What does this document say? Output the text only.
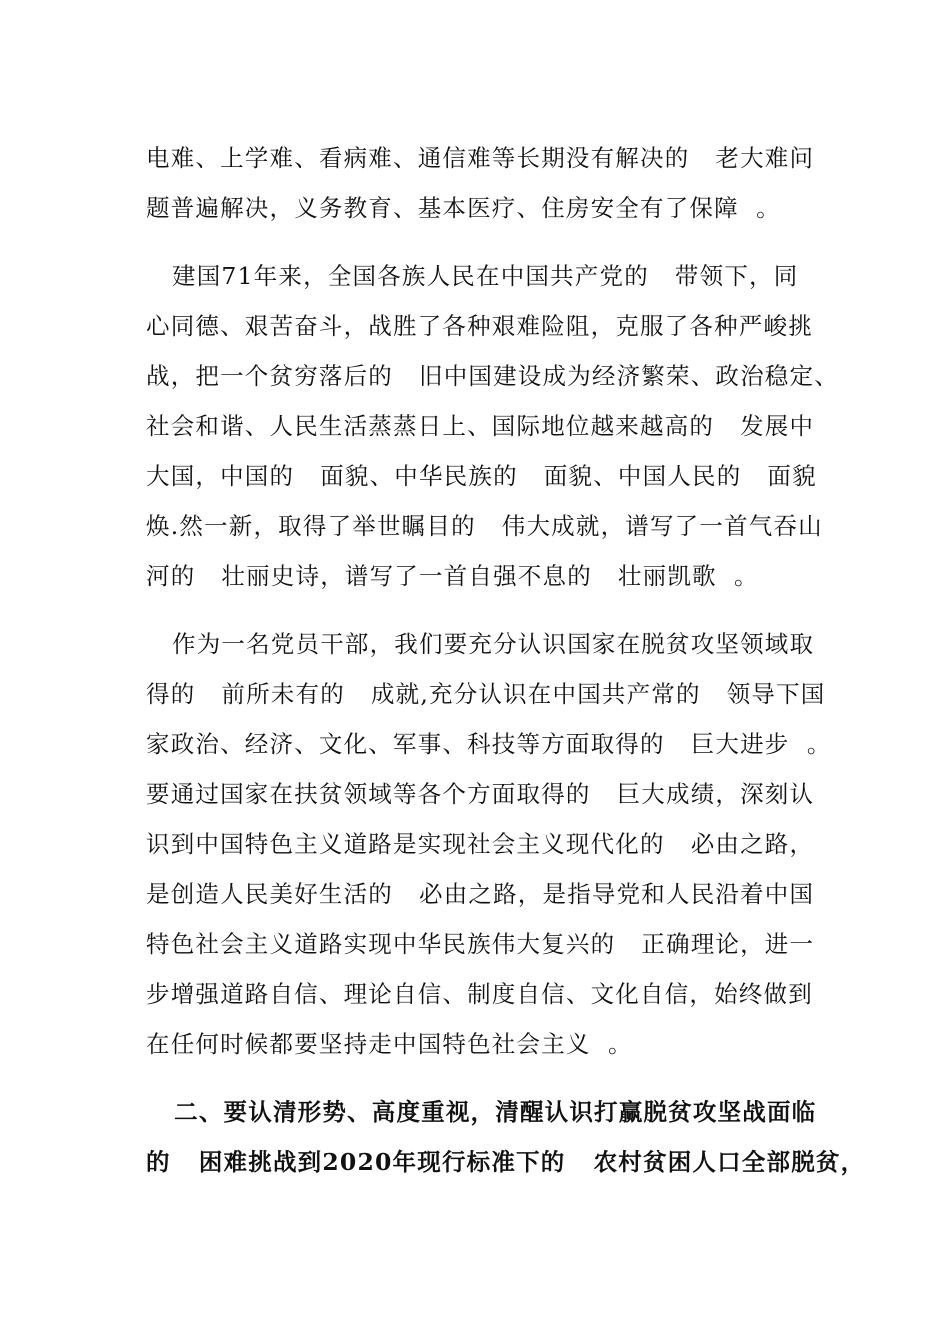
电难、上学难、看病难、通信难等长期没有解决的   老大难问
题普遍解决，义务教育、基本医疗、住房安全有了保障  。
建国71年来，全国各族人民在中国共产党的   带领下，同
心同德、艰苦奋斗，战胜了各种艰难险阻，克服了各种严峻挑
战，把一个贫穷落后的   旧中国建设成为经济繁荣、政治稳定、
社会和谐、人民生活蒸蒸日上、国际地位越来越高的   发展中
大国，中国的   面貌、中华民族的   面貌、中国人民的   面貌
焕.然一新，取得了举世瞩目的   伟大成就，谱写了一首气吞山
河的   壮丽史诗，谱写了一首自强不息的   壮丽凯歌  。
作为一名党员干部，我们要充分认识国家在脱贫攻坚领域取
得的   前所未有的   成就,充分认识在中国共产常的   领导下国
家政治、经济、文化、军事、科技等方面取得的   巨大进步  。
要通过国家在扶贫领域等各个方面取得的   巨大成绩，深刻认
识到中国特色主义道路是实现社会主义现代化的   必由之路，
是创造人民美好生活的   必由之路，是指导党和人民沿着中国
特色社会主义道路实现中华民族伟大复兴的   正确理论，进一
步增强道路自信、理论自信、制度自信、文化自信，始终做到
在任何时候都要坚持走中国特色社会主义  。
二、要认清形势、高度重视，清醒认识打赢脱贫攻坚战面临
的   困难挑战到2020年现行标准下的   农村贫困人口全部脱贫，
